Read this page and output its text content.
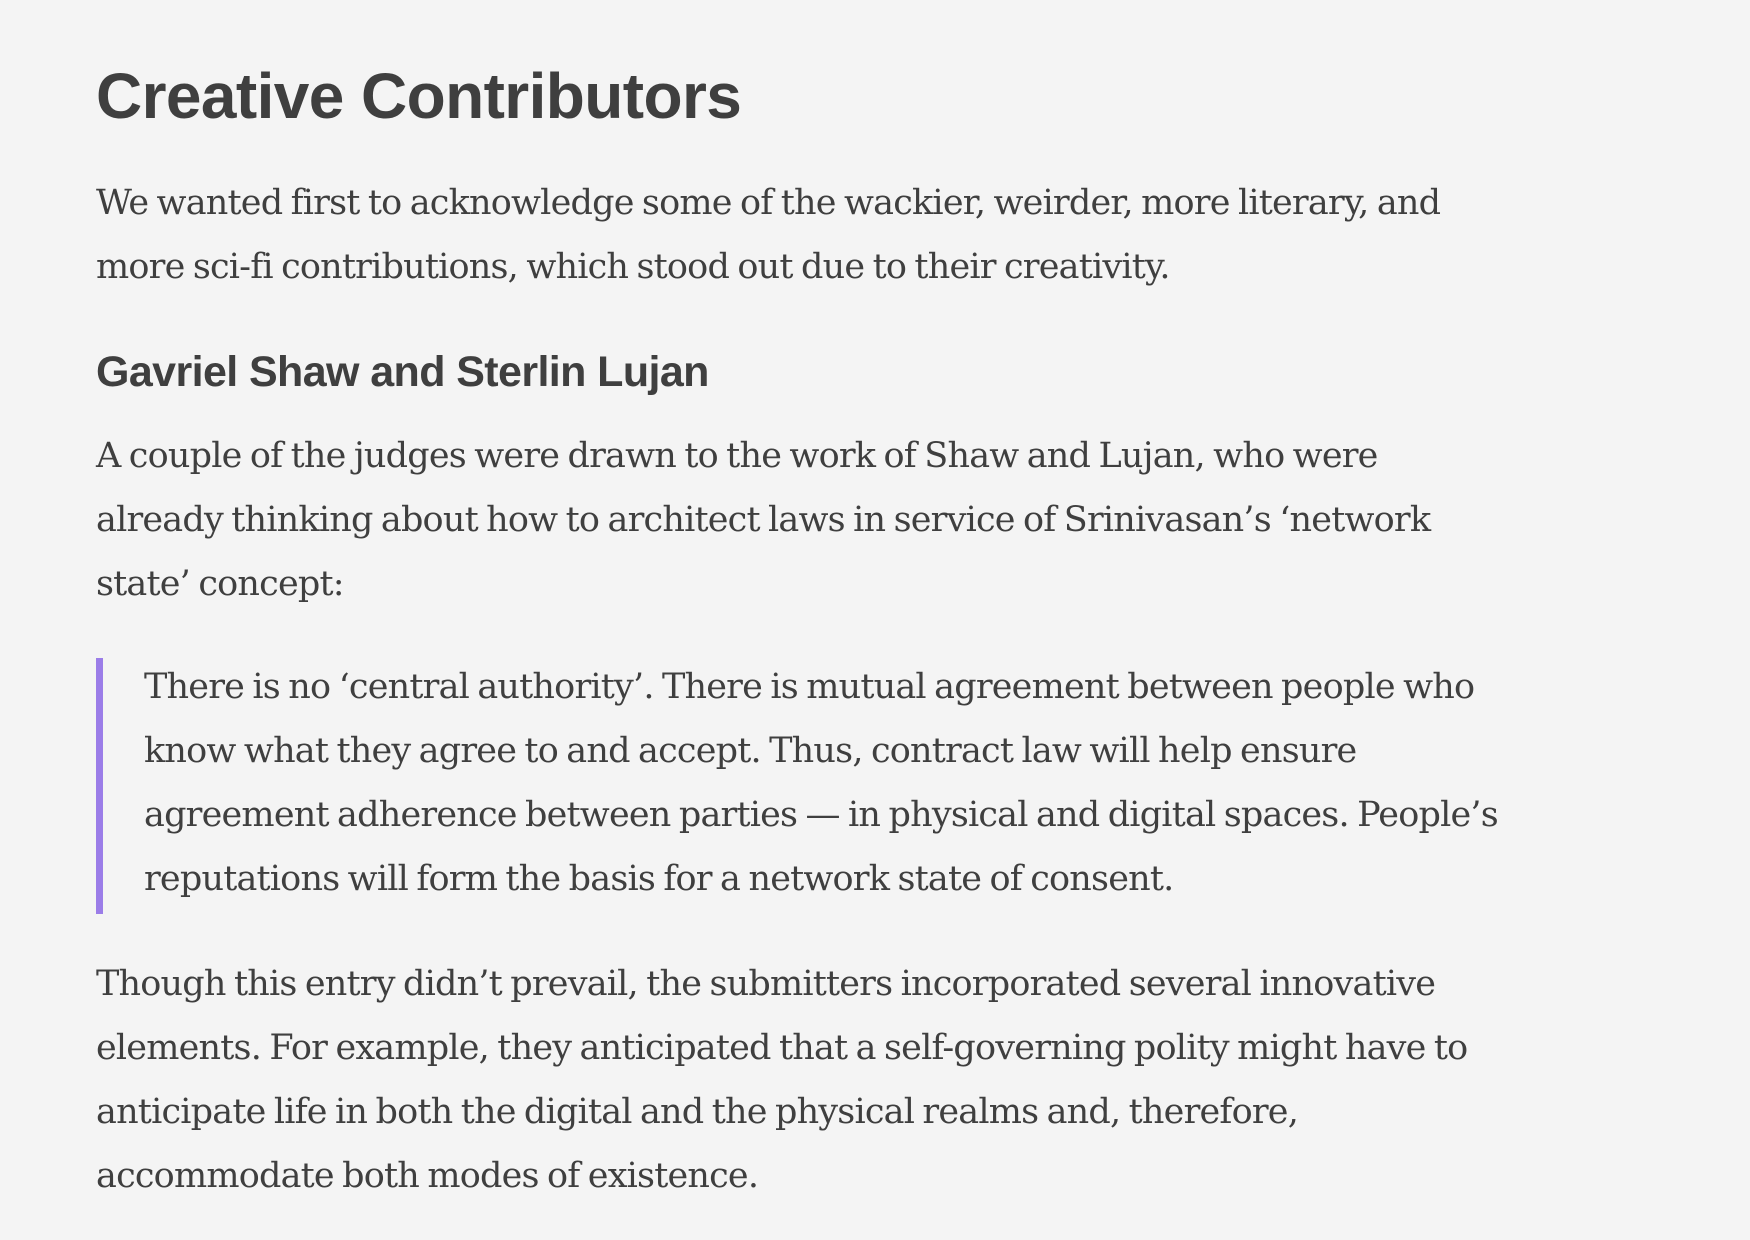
Creative Contributors

We wanted first to acknowledge some of the wackier, weirder, more literary, and
more sci-fi contributions, which stood out due to their creativity.

Gavriel Shaw and Sterlin Lujan

A couple of the judges were drawn to the work of Shaw and Lujan, who were
already thinking about how to architect laws in service of Srinivasan’s ‘network
state’ concept:

There is no ‘central authority’. There is mutual agreement between people who
know what they agree to and accept. Thus, contract law will help ensure
agreement adherence between parties — in physical and digital spaces. People’s
reputations will form the basis for a network state of consent.

Though this entry didn’t prevail, the submitters incorporated several innovative
elements. For example, they anticipated that a self-governing polity might have to
anticipate life in both the digital and the physical realms and, therefore,
accommodate both modes of existence.
